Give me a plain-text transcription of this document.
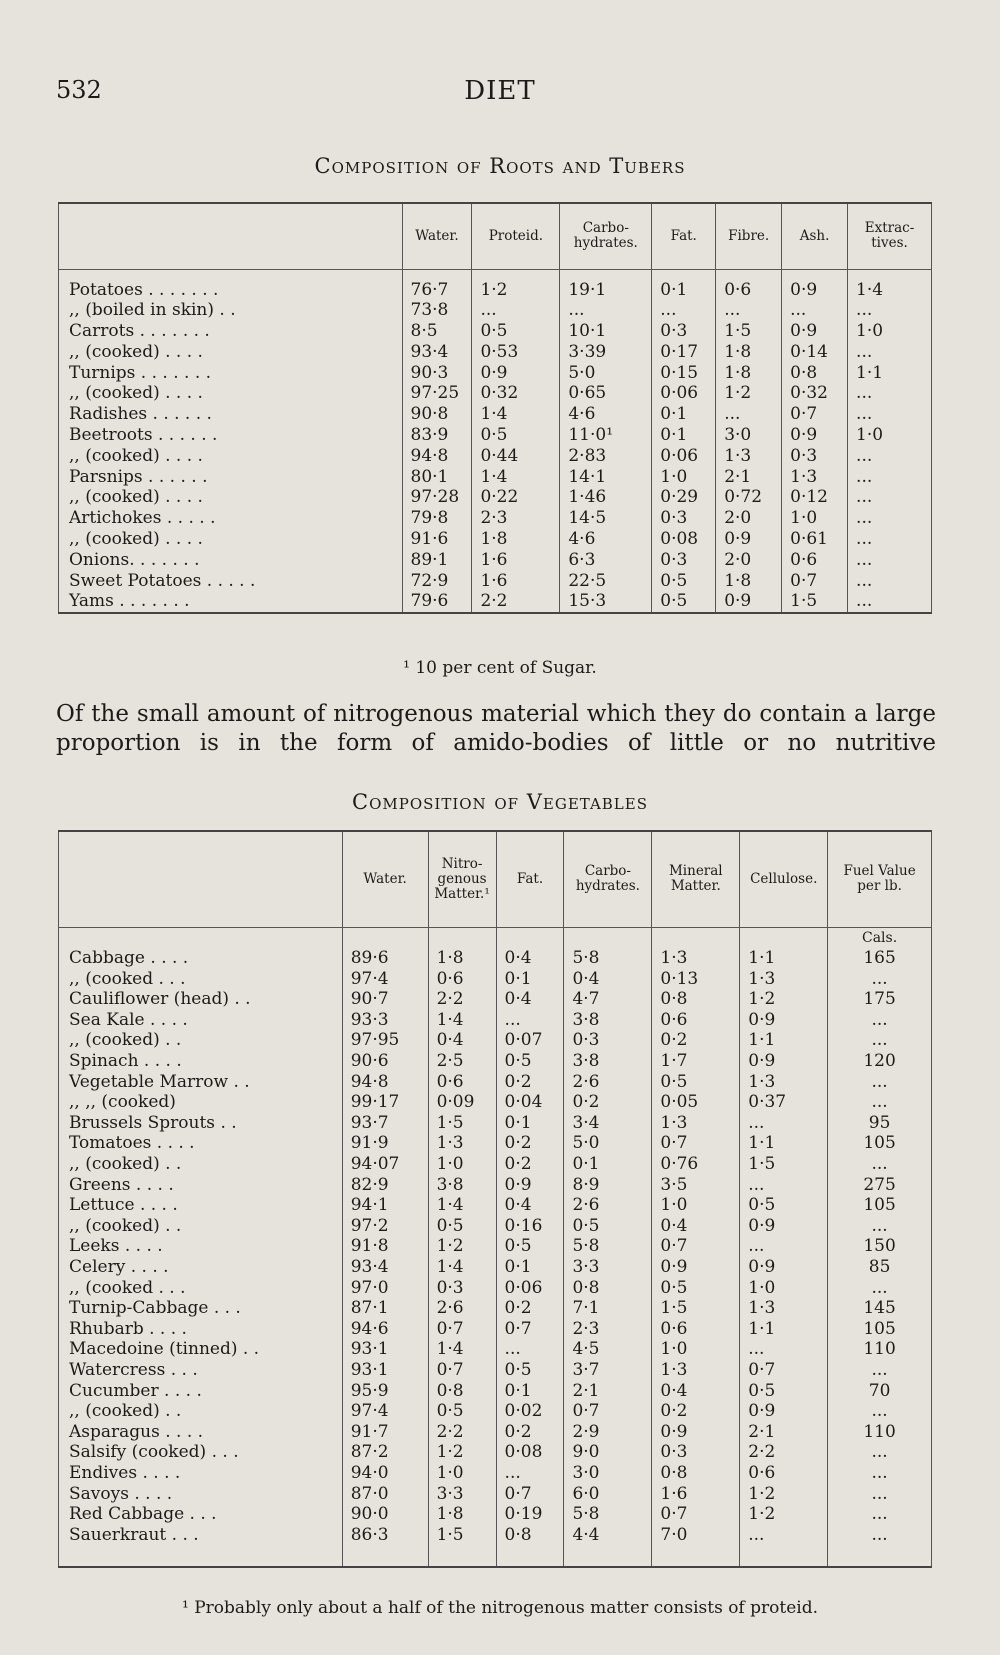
532	DIET
Composition of Roots and Tubers
	Water.	Proteid.	Carbo-hydrates.	Fat.	Fibre.	Ash.	Extrac-tives.

Potatoes . . . . . . .	76·7	1·2	19·1	0·1	0·6	0·9	1·4
,, (boiled in skin) . .	73·8	...	...	...	...	...	...
Carrots . . . . . . .	8·5	0·5	10·1	0·3	1·5	0·9	1·0
,, (cooked) . . . .	93·4	0·53	3·39	0·17	1·8	0·14	...
Turnips . . . . . . .	90·3	0·9	5·0	0·15	1·8	0·8	1·1
,, (cooked) . . . .	97·25	0·32	0·65	0·06	1·2	0·32	...
Radishes . . . . . .	90·8	1·4	4·6	0·1	...	0·7	...
Beetroots . . . . . .	83·9	0·5	11·0¹	0·1	3·0	0·9	1·0
,, (cooked) . . . .	94·8	0·44	2·83	0·06	1·3	0·3	...
Parsnips . . . . . .	80·1	1·4	14·1	1·0	2·1	1·3	...
,, (cooked) . . . .	97·28	0·22	1·46	0·29	0·72	0·12	...
Artichokes . . . . .	79·8	2·3	14·5	0·3	2·0	1·0	...
,, (cooked) . . . .	91·6	1·8	4·6	0·08	0·9	0·61	...
Onions. . . . . . .	89·1	1·6	6·3	0·3	2·0	0·6	...
Sweet Potatoes . . . . .	72·9	1·6	22·5	0·5	1·8	0·7	...
Yams . . . . . . .	79·6	2·2	15·3	0·5	0·9	1·5	...
¹ 10 per cent of Sugar.
Of the small amount of nitrogenous material which they do contain a large proportion is in the form of amido-bodies of little or no nutritive
Composition of Vegetables
	Water.	Nitro-genous Matter.¹	Fat.	Carbo-hydrates.	Mineral Matter.	Cellulose.	Fuel Value per lb.
							Cals.
Cabbage . . . .	89·6	1·8	0·4	5·8	1·3	1·1	165
,, (cooked . . .	97·4	0·6	0·1	0·4	0·13	1·3	...
Cauliflower (head) . .	90·7	2·2	0·4	4·7	0·8	1·2	175
Sea Kale . . . .	93·3	1·4	...	3·8	0·6	0·9	...
,, (cooked) . .	97·95	0·4	0·07	0·3	0·2	1·1	...
Spinach . . . .	90·6	2·5	0·5	3·8	1·7	0·9	120
Vegetable Marrow . .	94·8	0·6	0·2	2·6	0·5	1·3	...
,, ,, (cooked)	99·17	0·09	0·04	0·2	0·05	0·37	...
Brussels Sprouts . .	93·7	1·5	0·1	3·4	1·3	...	95
Tomatoes . . . .	91·9	1·3	0·2	5·0	0·7	1·1	105
,, (cooked) . .	94·07	1·0	0·2	0·1	0·76	1·5	...
Greens . . . .	82·9	3·8	0·9	8·9	3·5	...	275
Lettuce . . . .	94·1	1·4	0·4	2·6	1·0	0·5	105
,, (cooked) . .	97·2	0·5	0·16	0·5	0·4	0·9	...
Leeks . . . .	91·8	1·2	0·5	5·8	0·7	...	150
Celery . . . .	93·4	1·4	0·1	3·3	0·9	0·9	85
,, (cooked . . .	97·0	0·3	0·06	0·8	0·5	1·0	...
Turnip-Cabbage . . .	87·1	2·6	0·2	7·1	1·5	1·3	145
Rhubarb . . . .	94·6	0·7	0·7	2·3	0·6	1·1	105
Macedoine (tinned) . .	93·1	1·4	...	4·5	1·0	...	110
Watercress . . .	93·1	0·7	0·5	3·7	1·3	0·7	...
Cucumber . . . .	95·9	0·8	0·1	2·1	0·4	0·5	70
,, (cooked) . .	97·4	0·5	0·02	0·7	0·2	0·9	...
Asparagus . . . .	91·7	2·2	0·2	2·9	0·9	2·1	110
Salsify (cooked) . . .	87·2	1·2	0·08	9·0	0·3	2·2	...
Endives . . . .	94·0	1·0	...	3·0	0·8	0·6	...
Savoys . . . .	87·0	3·3	0·7	6·0	1·6	1·2	...
Red Cabbage . . .	90·0	1·8	0·19	5·8	0·7	1·2	...
Sauerkraut . . .	86·3	1·5	0·8	4·4	7·0	...	...

¹ Probably only about a half of the nitrogenous matter consists of proteid.
